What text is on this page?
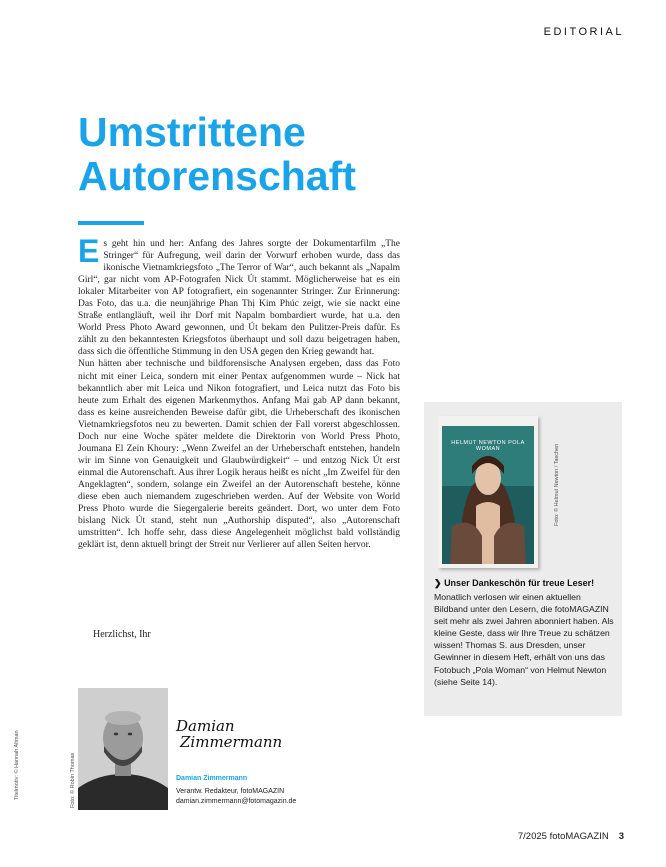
EDITORIAL
Umstrittene
Autorenschaft

Es geht hin und her: Anfang des Jahres sorgte der Dokumentarfilm „The Stringer“ für Aufregung, weil darin der Vorwurf erhoben wurde, dass das ikonische Vietnamkriegsfoto „The Terror of War“, auch bekannt als „Napalm Girl“, gar nicht vom AP-Fotografen Nick Út stammt. Möglicherweise hat es ein lokaler Mitarbeiter von AP fotografiert, ein sogenannter Stringer. Zur Erinnerung: Das Foto, das u.a. die neunjährige Phan Thị Kim Phúc zeigt, wie sie nackt eine Straße entlangläuft, weil ihr Dorf mit Napalm bombardiert wurde, hat u.a. den World Press Photo Award gewonnen, und Út bekam den Pulitzer-Preis dafür. Es zählt zu den bekanntesten Kriegsfotos überhaupt und soll dazu beigetragen haben, dass sich die öffentliche Stimmung in den USA gegen den Krieg gewandt hat.

Nun hätten aber technische und bildforensische Analysen ergeben, dass das Foto nicht mit einer Leica, sondern mit einer Pentax aufgenommen wurde – Nick hat bekanntlich aber mit Leica und Nikon fotografiert, und Leica nutzt das Foto bis heute zum Erhalt des eigenen Markenmythos. Anfang Mai gab AP dann bekannt, dass es keine ausreichenden Beweise dafür gibt, die Urheberschaft des ikonischen Vietnamkriegsfotos neu zu bewerten. Damit schien der Fall vorerst abgeschlossen. Doch nur eine Woche später meldete die Direktorin von World Press Photo, Joumana El Zein Khoury: „Wenn Zweifel an der Urheberschaft entstehen, handeln wir im Sinne von Genauigkeit und Glaubwürdigkeit“ – und entzog Nick Út erst einmal die Autorenschaft. Aus ihrer Logik heraus heißt es nicht „Im Zweifel für den Angeklagten“, sondern, solange ein Zweifel an der Autorenschaft bestehe, könne diese eben auch niemandem zugeschrieben werden. Auf der Website von World Press Photo wurde die Siegergalerie bereits geändert. Dort, wo unter dem Foto bislang Nick Út stand, steht nun „Authorship disputed“, also „Autorenschaft umstritten“. Ich hoffe sehr, dass diese Angelegenheit möglichst bald vollständig geklärt ist, denn aktuell bringt der Streit nur Verlierer auf allen Seiten hervor.

Herzlichst, Ihr
Titelmotiv: © Hannah Altman	Foto: © Robin Thomas
Damian
Zimmermann
Damian Zimmermann
Verantw. Redakteur, fotoMAGAZIN
damian.zimmermann@fotomagazin.de
HELMUT NEWTON POLA WOMAN	Foto: © Helmut Newton / Taschen
❯ Unser Dankeschön für treue Leser!
Monatlich verlosen wir einen aktuellen Bildband unter den Lesern, die fotoMAGAZIN seit mehr als zwei Jahren abonniert haben. Als kleine Geste, dass wir Ihre Treue zu schätzen wissen! Thomas S. aus Dresden, unser Gewinner in diesem Heft, erhält von uns das Fotobuch „Pola Woman“ von Helmut Newton (siehe Seite 14).
7/2025 fotoMAGAZIN 3
